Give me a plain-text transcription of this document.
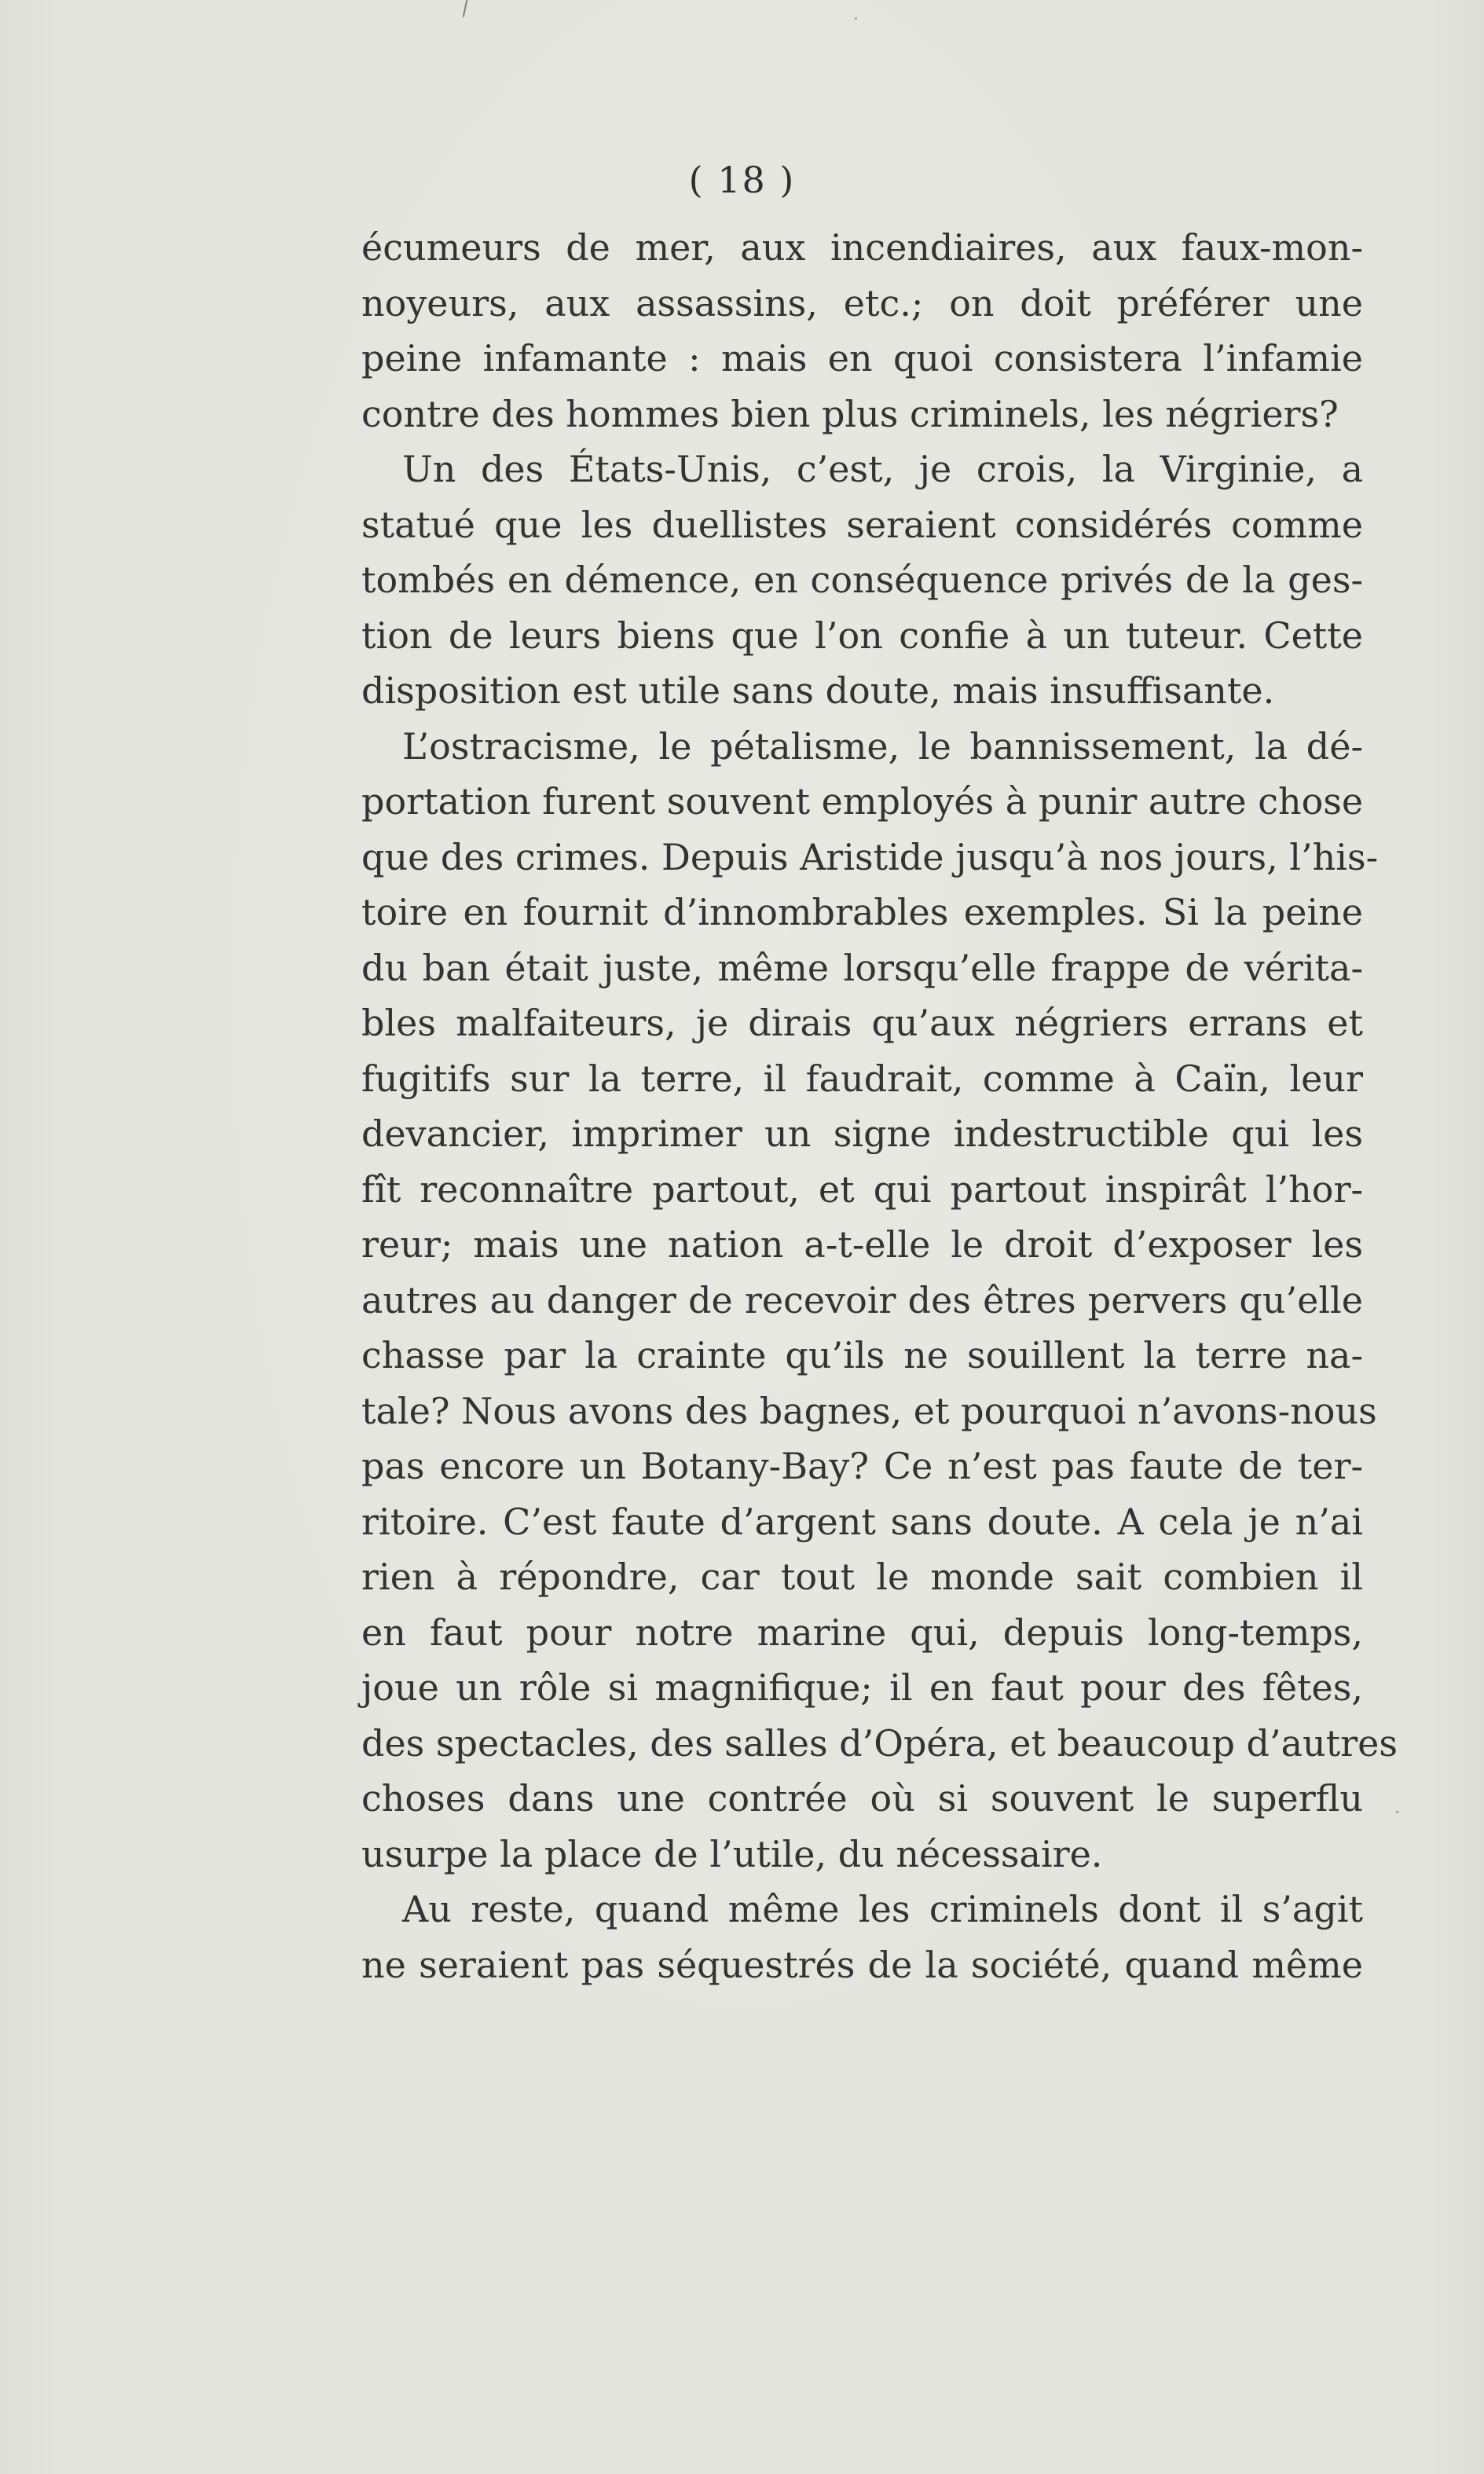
( 18 )
écumeurs de mer, aux incendiaires, aux faux-mon-
noyeurs, aux assassins, etc.; on doit préférer une
peine infamante : mais en quoi consistera l’infamie
contre des hommes bien plus criminels, les négriers?
Un des États-Unis, c’est, je crois, la Virginie, a
statué que les duellistes seraient considérés comme
tombés en démence, en conséquence privés de la ges-
tion de leurs biens que l’on confie à un tuteur. Cette
disposition est utile sans doute, mais insuffisante.
L’ostracisme, le pétalisme, le bannissement, la dé-
portation furent souvent employés à punir autre chose
que des crimes. Depuis Aristide jusqu’à nos jours, l’his-
toire en fournit d’innombrables exemples. Si la peine
du ban était juste, même lorsqu’elle frappe de vérita-
bles malfaiteurs, je dirais qu’aux négriers errans et
fugitifs sur la terre, il faudrait, comme à Caïn, leur
devancier, imprimer un signe indestructible qui les
fît reconnaître partout, et qui partout inspirât l’hor-
reur; mais une nation a-t-elle le droit d’exposer les
autres au danger de recevoir des êtres pervers qu’elle
chasse par la crainte qu’ils ne souillent la terre na-
tale? Nous avons des bagnes, et pourquoi n’avons-nous
pas encore un Botany-Bay? Ce n’est pas faute de ter-
ritoire. C’est faute d’argent sans doute. A cela je n’ai
rien à répondre, car tout le monde sait combien il
en faut pour notre marine qui, depuis long-temps,
joue un rôle si magnifique; il en faut pour des fêtes,
des spectacles, des salles d’Opéra, et beaucoup d’autres
choses dans une contrée où si souvent le superflu
usurpe la place de l’utile, du nécessaire.
Au reste, quand même les criminels dont il s’agit
ne seraient pas séquestrés de la société, quand même
